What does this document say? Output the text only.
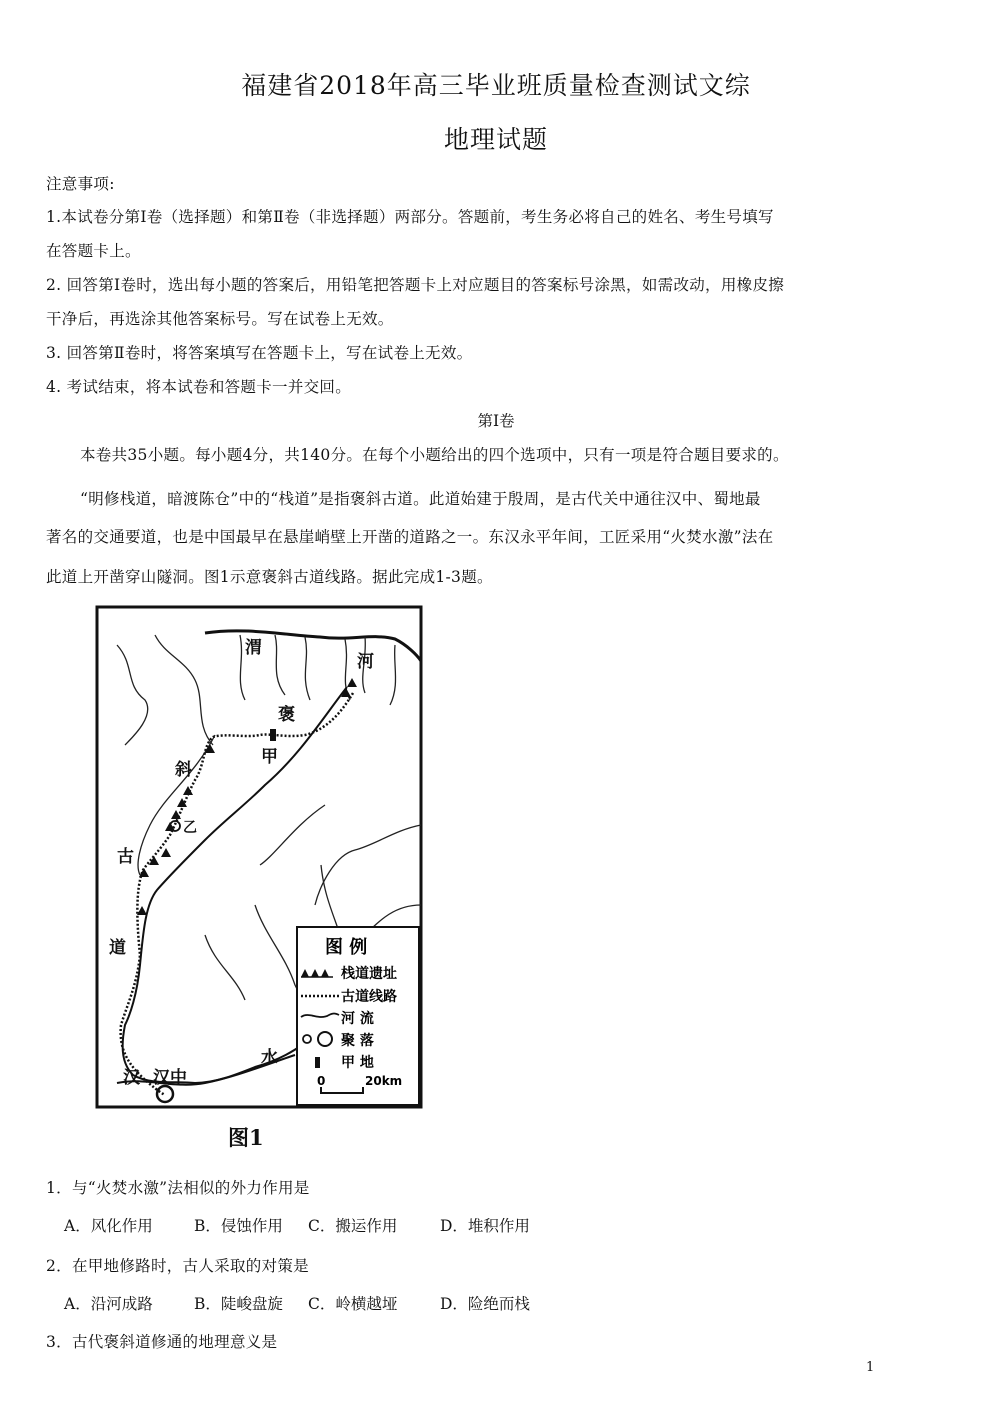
福建省2018年高三毕业班质量检查测试文综
地理试题
注意事项:
1.本试卷分第Ⅰ卷（选择题）和第Ⅱ卷（非选择题）两部分。答题前，考生务必将自己的姓名、考生号填写
在答题卡上。
2. 回答第Ⅰ卷时，选出每小题的答案后，用铅笔把答题卡上对应题目的答案标号涂黑，如需改动，用橡皮擦
干净后，再选涂其他答案标号。写在试卷上无效。
3. 回答第Ⅱ卷时，将答案填写在答题卡上，写在试卷上无效。
4. 考试结束，将本试卷和答题卡一并交回。
第Ⅰ卷
本卷共35小题。每小题4分，共140分。在每个小题给出的四个选项中，只有一项是符合题目要求的。
“明修栈道，暗渡陈仓”中的“栈道”是指褒斜古道。此道始建于殷周，是古代关中通往汉中、蜀地最
著名的交通要道，也是中国最早在悬崖峭壁上开凿的道路之一。东汉永平年间，工匠采用“火焚水激”法在
此道上开凿穿山隧洞。图1示意褒斜古道线路。据此完成1-3题。
渭
河
褒
甲
斜
乙
古
道
水
汉 汉中
图 例
栈道遗址
古道线路
河 流
聚 落
甲 地
0	20km
图1
1．与“火焚水激”法相似的外力作用是
A．风化作用	B．侵蚀作用 C．搬运作用	D．堆积作用
2．在甲地修路时，古人采取的对策是
A．沿河成路	B．陡峻盘旋 C．岭横越垭	D．险绝而栈
3．古代褒斜道修通的地理意义是
1
